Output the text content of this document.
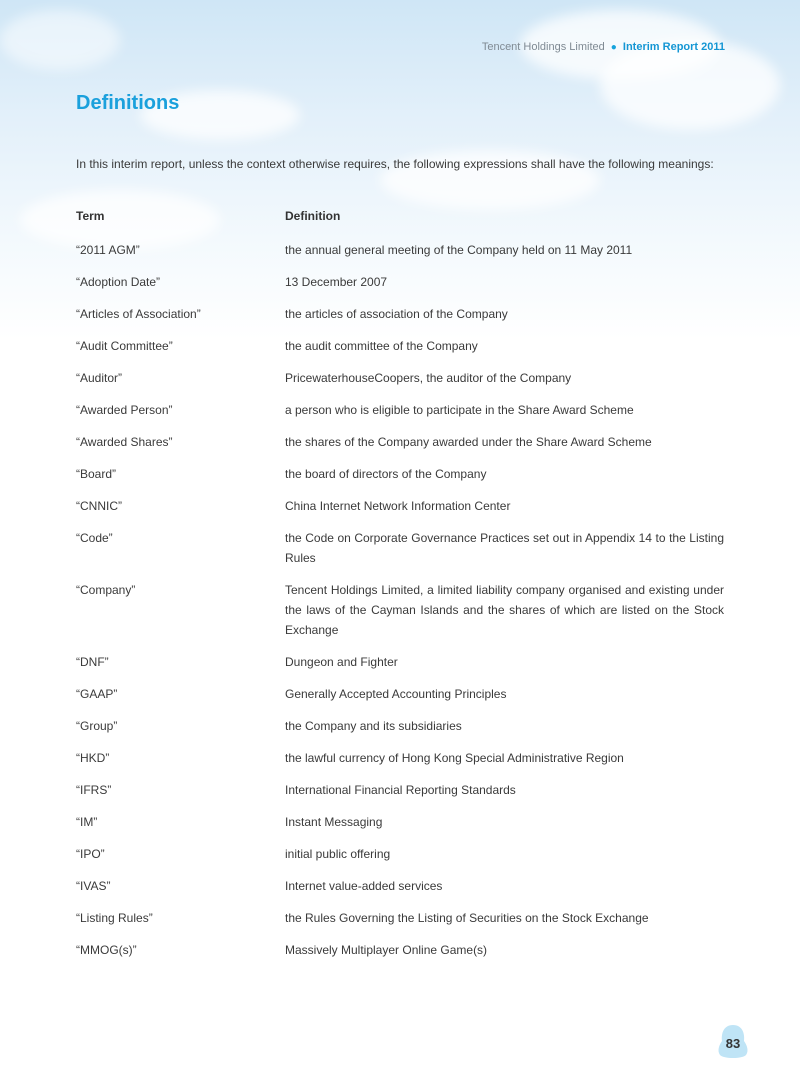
Tencent Holdings Limited ● Interim Report 2011
Definitions

In this interim report, unless the context otherwise requires, the following expressions shall have the following meanings:

Term	Definition
“2011 AGM”	the annual general meeting of the Company held on 11 May 2011
“Adoption Date”	13 December 2007
“Articles of Association”	the articles of association of the Company
“Audit Committee”	the audit committee of the Company
“Auditor”	PricewaterhouseCoopers, the auditor of the Company
“Awarded Person”	a person who is eligible to participate in the Share Award Scheme
“Awarded Shares”	the shares of the Company awarded under the Share Award Scheme
“Board”	the board of directors of the Company
“CNNIC”	China Internet Network Information Center
“Code”	the Code on Corporate Governance Practices set out in Appendix 14 to the Listing Rules
“Company”	Tencent Holdings Limited, a limited liability company organised and existing under the laws of the Cayman Islands and the shares of which are listed on the Stock Exchange
“DNF”	Dungeon and Fighter
“GAAP”	Generally Accepted Accounting Principles
“Group”	the Company and its subsidiaries
“HKD”	the lawful currency of Hong Kong Special Administrative Region
“IFRS”	International Financial Reporting Standards
“IM”	Instant Messaging
“IPO”	initial public offering
“IVAS”	Internet value-added services
“Listing Rules”	the Rules Governing the Listing of Securities on the Stock Exchange
“MMOG(s)”	Massively Multiplayer Online Game(s)
83
